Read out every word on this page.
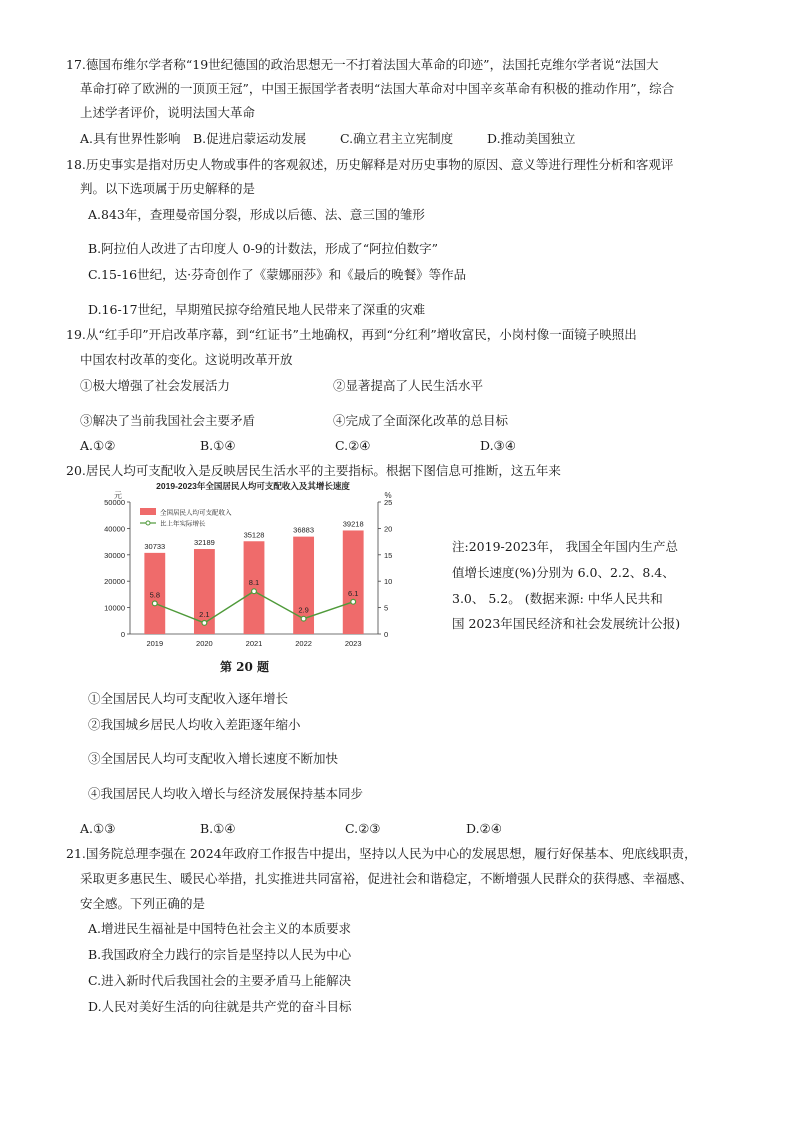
17.德国布维尔学者称“19世纪德国的政治思想无一不打着法国大革命的印迹”，法国托克维尔学者说“法国大
革命打碎了欧洲的一顶顶王冠”，中国王振国学者表明“法国大革命对中国辛亥革命有积极的推动作用”，综合
上述学者评价，说明法国大革命
A.具有世界性影响 B.促进启蒙运动发展	C.确立君主立宪制度	D.推动美国独立
18.历史事实是指对历史人物或事件的客观叙述，历史解释是对历史事物的原因、意义等进行理性分析和客观评
判。以下选项属于历史解释的是
A.843年，查理曼帝国分裂，形成以后德、法、意三国的雏形
B.阿拉伯人改进了古印度人 0-9的计数法，形成了“阿拉伯数字”
C.15-16世纪，达·芬奇创作了《蒙娜丽莎》和《最后的晚餐》等作品
D.16-17世纪，早期殖民掠夺给殖民地人民带来了深重的灾难
19.从“红手印”开启改革序幕，到“红证书”土地确权，再到“分红利”增收富民，小岗村像一面镜子映照出
中国农村改革的变化。这说明改革开放
①极大增强了社会发展活力	②显著提高了人民生活水平
③解决了当前我国社会主要矛盾	④完成了全面深化改革的总目标
A.①②	B.①④	C.②④	D.③④
20.居民人均可支配收入是反映居民生活水平的主要指标。根据下图信息可推断，这五年来
2019-2023年全国居民人均可支配收入及其增长速度
元	%
0
10000
20000
30000
40000
50000
0
5
10
15
20
25
2019	2020	2021	2022	2023
30733	32189
35128
36883
39218
5.8
2.1
8.1
2.9
6.1
全国居民人均可支配收入
比上年实际增长
第 20 题
注:2019-2023年， 我国全年国内生产总
值增长速度(%)分别为 6.0、2.2、8.4、
3.0、 5.2。 (数据来源: 中华人民共和
国 2023年国民经济和社会发展统计公报)
①全国居民人均可支配收入逐年增长
②我国城乡居民人均收入差距逐年缩小
③全国居民人均可支配收入增长速度不断加快
④我国居民人均收入增长与经济发展保持基本同步
A.①③	B.①④	C.②③	D.②④
21.国务院总理李强在 2024年政府工作报告中提出，坚持以人民为中心的发展思想，履行好保基本、兜底线职责，
采取更多惠民生、暖民心举措，扎实推进共同富裕，促进社会和谐稳定，不断增强人民群众的获得感、幸福感、
安全感。下列正确的是
A.增进民生福祉是中国特色社会主义的本质要求
B.我国政府全力践行的宗旨是坚持以人民为中心
C.进入新时代后我国社会的主要矛盾马上能解决
D.人民对美好生活的向往就是共产党的奋斗目标
